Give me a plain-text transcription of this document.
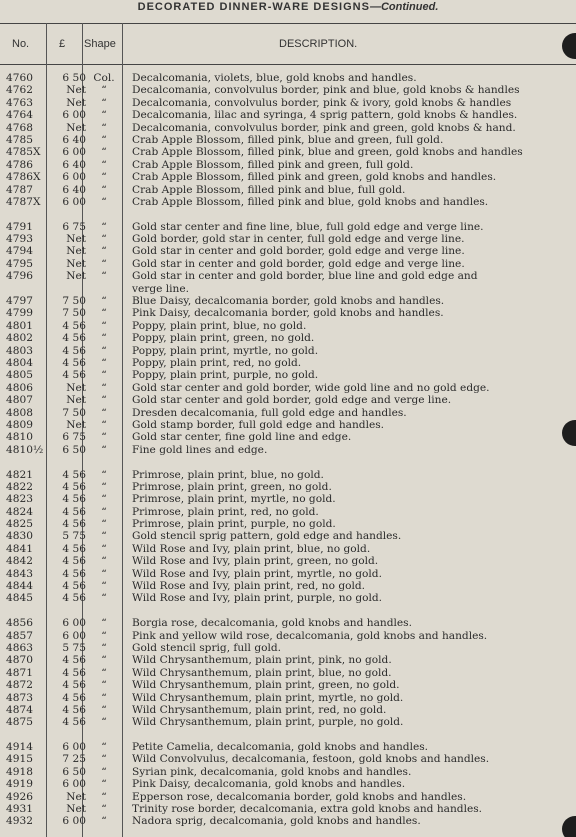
DECORATED DINNER-WARE DESIGNS—Continued.
No.	£ Shape	DESCRIPTION.
4760	6 50 Col.	Decalcomania, violets, blue, gold knobs and handles.
4762	Net	“	Decalcomania, convolvulus border, pink and blue, gold knobs & handles
4763	Net	“	Decalcomania, convolvulus border, pink & ivory, gold knobs & handles
4764	6 00	“	Decalcomania, lilac and syringa, 4 sprig pattern, gold knobs & handles.
4768	Net	“	Decalcomania, convolvulus border, pink and green, gold knobs & hand.
4785	6 40	“	Crab Apple Blossom, filled pink, blue and green, full gold.
4785X	6 00	“	Crab Apple Blossom, filled pink, blue and green, gold knobs and handles
4786	6 40	“	Crab Apple Blossom, filled pink and green, full gold.
4786X	6 00	“	Crab Apple Blossom, filled pink and green, gold knobs and handles.
4787	6 40	“	Crab Apple Blossom, filled pink and blue, full gold.
4787X	6 00	“	Crab Apple Blossom, filled pink and blue, gold knobs and handles.
4791	6 75	“	Gold star center and fine line, blue, full gold edge and verge line.
4793	Net	“	Gold border, gold star in center, full gold edge and verge line.
4794	Net	“	Gold star in center and gold border, gold edge and verge line.
4795	Net	“	Gold star in center and gold border, gold edge and verge line.
4796	Net	“	Gold star in center and gold border, blue line and gold edge and
verge line.
4797	7 50	“	Blue Daisy, decalcomania border, gold knobs and handles.
4799	7 50	“	Pink Daisy, decalcomania border, gold knobs and handles.
4801	4 56	“	Poppy, plain print, blue, no gold.
4802	4 56	“	Poppy, plain print, green, no gold.
4803	4 56	“	Poppy, plain print, myrtle, no gold.
4804	4 56	“	Poppy, plain print, red, no gold.
4805	4 56	“	Poppy, plain print, purple, no gold.
4806	Net	“	Gold star center and gold border, wide gold line and no gold edge.
4807	Net	“	Gold star center and gold border, gold edge and verge line.
4808	7 50	“	Dresden decalcomania, full gold edge and handles.
4809	Net	“	Gold stamp border, full gold edge and handles.
4810	6 75	“	Gold star center, fine gold line and edge.
4810½	6 50	“	Fine gold lines and edge.
4821	4 56	“	Primrose, plain print, blue, no gold.
4822	4 56	“	Primrose, plain print, green, no gold.
4823	4 56	“	Primrose, plain print, myrtle, no gold.
4824	4 56	“	Primrose, plain print, red, no gold.
4825	4 56	“	Primrose, plain print, purple, no gold.
4830	5 75	“	Gold stencil sprig pattern, gold edge and handles.
4841	4 56	“	Wild Rose and Ivy, plain print, blue, no gold.
4842	4 56	“	Wild Rose and Ivy, plain print, green, no gold.
4843	4 56	“	Wild Rose and Ivy, plain print, myrtle, no gold.
4844	4 56	“	Wild Rose and Ivy, plain print, red, no gold.
4845	4 56	“	Wild Rose and Ivy, plain print, purple, no gold.
4856	6 00	“	Borgia rose, decalcomania, gold knobs and handles.
4857	6 00	“	Pink and yellow wild rose, decalcomania, gold knobs and handles.
4863	5 75	“	Gold stencil sprig, full gold.
4870	4 56	“	Wild Chrysanthemum, plain print, pink, no gold.
4871	4 56	“	Wild Chrysanthemum, plain print, blue, no gold.
4872	4 56	“	Wild Chrysanthemum, plain print, green, no gold.
4873	4 56	“	Wild Chrysanthemum, plain print, myrtle, no gold.
4874	4 56	“	Wild Chrysanthemum, plain print, red, no gold.
4875	4 56	“	Wild Chrysanthemum, plain print, purple, no gold.
4914	6 00	“	Petite Camelia, decalcomania, gold knobs and handles.
4915	7 25	“	Wild Convolvulus, decalcomania, festoon, gold knobs and handles.
4918	6 50	“	Syrian pink, decalcomania, gold knobs and handles.
4919	6 00	“	Pink Daisy, decalcomania, gold knobs and handles.
4926	Net	“	Epperson rose, decalcomania border, gold knobs and handles.
4931	Net	“	Trinity rose border, decalcomania, extra gold knobs and handles.
4932	6 00	“	Nadora sprig, decalcomania, gold knobs and handles.
